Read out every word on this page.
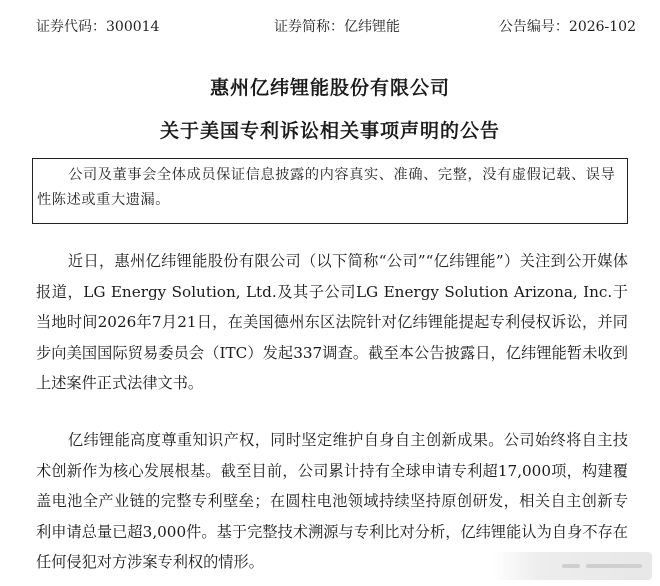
证券代码：300014	证券简称：亿纬锂能	公告编号：2026-102
惠州亿纬锂能股份有限公司
关于美国专利诉讼相关事项声明的公告
公司及董事会全体成员保证信息披露的内容真实、准确、完整，没有虚假记载、误导性陈述或重大遗漏。
近日，惠州亿纬锂能股份有限公司（以下简称“公司”“亿纬锂能”）关注到公开媒体报道，LG Energy Solution, Ltd.及其子公司LG Energy Solution Arizona, Inc.于当地时间2026年7月21日，在美国德州东区法院针对亿纬锂能提起专利侵权诉讼，并同步向美国国际贸易委员会（ITC）发起337调查。截至本公告披露日，亿纬锂能暂未收到上述案件正式法律文书。
亿纬锂能高度尊重知识产权，同时坚定维护自身自主创新成果。公司始终将自主技术创新作为核心发展根基。截至目前，公司累计持有全球申请专利超17,000项，构建覆盖电池全产业链的完整专利壁垒；在圆柱电池领域持续坚持原创研发，相关自主创新专利申请总量已超3,000件。基于完整技术溯源与专利比对分析，亿纬锂能认为自身不存在任何侵犯对方涉案专利权的情形。
